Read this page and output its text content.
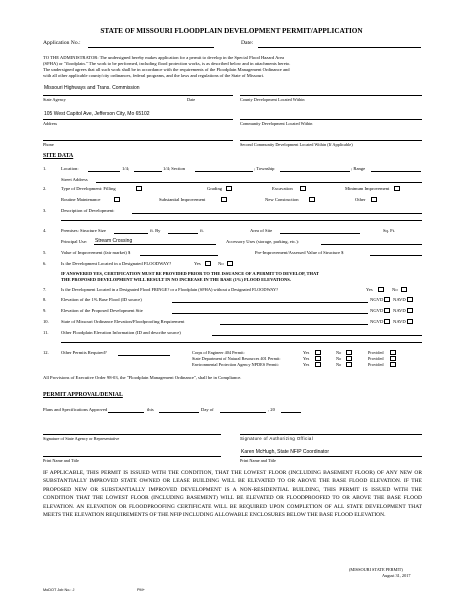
STATE OF MISSOURI FLOODPLAIN DEVELOPMENT PERMIT/APPLICATION
Application No.:	Date:
TO THE ADMINISTRATOR: The undersigned hereby makes application for a permit to develop in the Special Flood Hazard Area
(SFHA) or "floodplain." The work to be performed, including flood protection works, is as described below and in attachments hereto.
The undersigned agrees that all such work shall be in accordance with the requirements of the Floodplain Management Ordinance and
with all other applicable county/city ordinances, federal programs, and the laws and regulations of the State of Missouri.
Missouri Highways and Trans. Commission
State Agency	Date	County Development Located Within
105 West Capitol Ave, Jefferson City, Mo 65102
Address	Community Development Located Within
Phone	Second Community Development Located Within (If Applicable)
SITE DATA
1.	Location:	1/4;	1/4; Section	; Township	; Range
Street Address
2.	Type of Development: Filling	Grading	Excavation	Minimum Improvement
Routine Maintenance	Substantial Improvement	New Construction	Other
3.	Description of Development:
4.	Premises: Structure Size	ft. By	ft.	Area of Site	Sq. Ft.
Principal Use: Stream Crossing	Accessory Uses (storage, parking, etc.):
5.	Value of Improvement (fair market) $	Pre-Improvement/Assessed Value of Structure $
6.	Is the Development Located in a Designated FLOODWAY?	Yes	No
IF ANSWERED YES, CERTIFICATION MUST BE PROVIDED PRIOR TO THE ISSUANCE OF A PERMIT TO DEVELOP, THAT
THE PROPOSED DEVELOPMENT WILL RESULT IN NO INCREASE IN THE BASE (1%) FLOOD ELEVATIONS.
7.	Is the Development Located in a Designated Flood FRINGE? or a Floodplain (SFHA) without a Designated FLOODWAY?	Yes	No
8.	Elevation of the 1% Base Flood (ID source)	NGVD NAVD
9.	Elevation of the Proposed Development Site	NGVD NAVD
10.	State of Missouri Ordinance Elevation/Floodproofing Requirement	NGVD NAVD
11.	Other Floodplain Elevation Information (ID and describe source)
12.	Other Permits Required?	Corps of Engineer 404 Permit:	Yes	No	Provided
State Department of Natural Resources 401 Permit:	Yes	No	Provided
Environmental Protection Agency NPDES Permit:	Yes	No	Provided
All Provisions of Executive Order 98-03, the "Floodplain Management Ordinance", shall be in Compliance.
PERMIT APPROVAL/DENIAL
Plans and Specifications Approved	this	Day of	, 20
Signature of State Agency or Representative	Signature of Authorizing Official
Karen McHugh, State NFIP Coordinator
Print Name and Title	Print Name and Title
IF APPLICABLE, THIS PERMIT IS ISSUED WITH THE CONDITION, THAT THE LOWEST FLOOR (INCLUDING BASEMENT FLOOR) OF ANY NEW OR SUBSTANTIALLY IMPROVED STATE OWNED OR LEASE BUILDING WILL BE ELEVATED TO OR ABOVE THE BASE FLOOD ELEVATION. IF THE PROPOSED NEW OR SUBSTANTIALLY IMPROVED DEVELOPMENT IS A NON-RESIDENTIAL BUILDING, THIS PERMIT IS ISSUED WITH THE CONDITION THAT THE LOWEST FLOOR (INCLUDING BASEMENT) WILL BE ELEVATED OR FLOODPROOFED TO OR ABOVE THE BASE FLOOD ELEVATION. AN ELEVATION OR FLOODPROOFING CERTIFICATE WILL BE REQUIRED UPON COMPLETION OF ALL STATE DEVELOPMENT THAT MEETS THE ELEVATION REQUIREMENTS OF THE NFIP INCLUDING ALLOWABLE ENCLOSURES BELOW THE BASE FLOOD ELEVATION.
(MISSOURI STATE PERMIT)
August 31, 2017
MoDOT Job No.: J	PM+
